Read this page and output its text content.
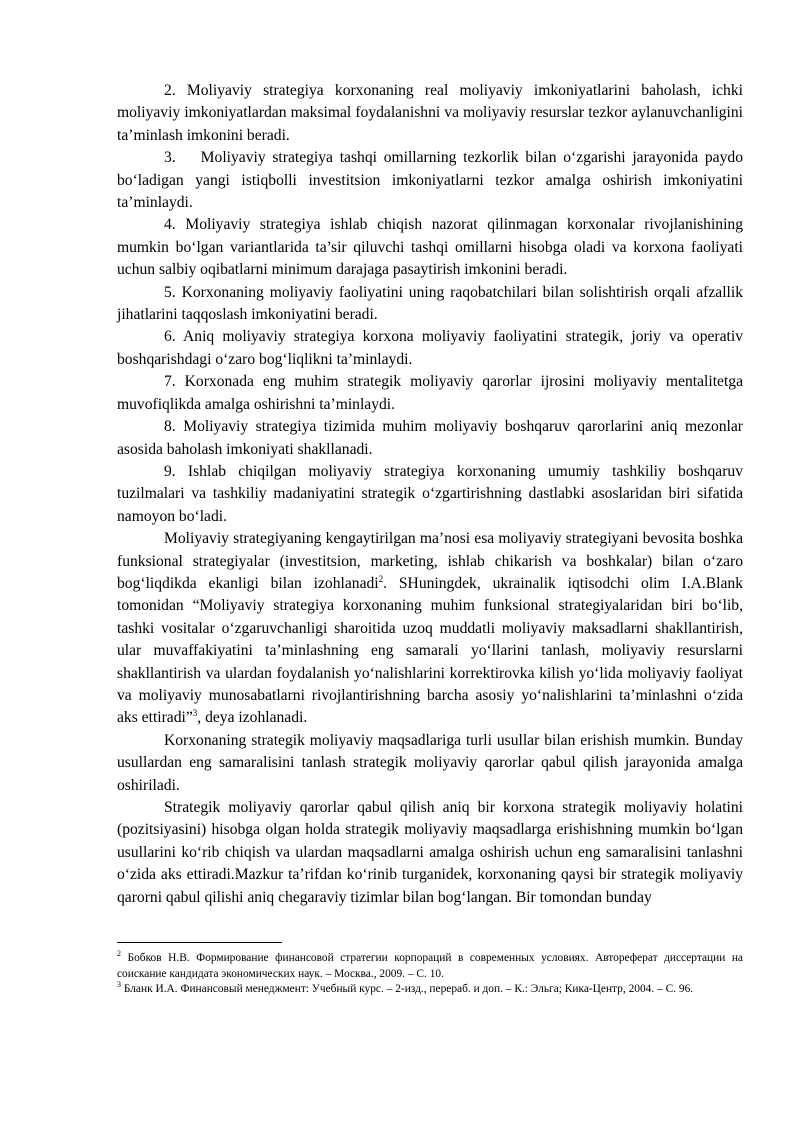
2. Moliyaviy strategiya korxonaning real moliyaviy imkoniyatlarini baholash, ichki moliyaviy imkoniyatlardan maksimal foydalanishni va moliyaviy resurslar tezkor aylanuvchanligini ta’minlash imkonini beradi.

3. Moliyaviy strategiya tashqi omillarning tezkorlik bilan o‘zgarishi jarayonida paydo bo‘ladigan yangi istiqbolli investitsion imkoniyatlarni tezkor amalga oshirish imkoniyatini ta’minlaydi.

4. Moliyaviy strategiya ishlab chiqish nazorat qilinmagan korxonalar rivojlanishining mumkin bo‘lgan variantlarida ta’sir qiluvchi tashqi omillarni hisobga oladi va korxona faoliyati uchun salbiy oqibatlarni minimum darajaga pasaytirish imkonini beradi.

5. Korxonaning moliyaviy faoliyatini uning raqobatchilari bilan solishtirish orqali afzallik jihatlarini taqqoslash imkoniyatini beradi.

6. Aniq moliyaviy strategiya korxona moliyaviy faoliyatini strategik, joriy va operativ boshqarishdagi o‘zaro bog‘liqlikni ta’minlaydi.

7. Korxonada eng muhim strategik moliyaviy qarorlar ijrosini moliyaviy mentalitetga muvofiqlikda amalga oshirishni ta’minlaydi.

8. Moliyaviy strategiya tizimida muhim moliyaviy boshqaruv qarorlarini aniq mezonlar asosida baholash imkoniyati shakllanadi.

9. Ishlab chiqilgan moliyaviy strategiya korxonaning umumiy tashkiliy boshqaruv tuzilmalari va tashkiliy madaniyatini strategik o‘zgartirishning dastlabki asoslaridan biri sifatida namoyon bo‘ladi.

Moliyaviy strategiyaning kengaytirilgan ma’nosi esa moliyaviy strategiyani bevosita boshka funksional strategiyalar (investitsion, marketing, ishlab chikarish va boshkalar) bilan o‘zaro bog‘liqdikda ekanligi bilan izohlanadi$^2$. SHuningdek, ukrainalik iqtisodchi olim I.A.Blank tomonidan “Moliyaviy strategiya korxonaning muhim funksional strategiyalaridan biri bo‘lib, tashki vositalar o‘zgaruvchanligi sharoitida uzoq muddatli moliyaviy maksadlarni shakllantirish, ular muvaffakiyatini ta’minlashning eng samarali yo‘llarini tanlash, moliyaviy resurslarni shakllantirish va ulardan foydalanish yo‘nalishlarini korrektirovka kilish yo‘lida moliyaviy faoliyat va moliyaviy munosabatlarni rivojlantirishning barcha asosiy yo‘nalishlarini ta’minlashni o‘zida aks ettiradi”$^3$, deya izohlanadi.

Korxonaning strategik moliyaviy maqsadlariga turli usullar bilan erishish mumkin. Bunday usullardan eng samaralisini tanlash strategik moliyaviy qarorlar qabul qilish jarayonida amalga oshiriladi.

Strategik moliyaviy qarorlar qabul qilish aniq bir korxona strategik moliyaviy holatini (pozitsiyasini) hisobga olgan holda strategik moliyaviy maqsadlarga erishishning mumkin bo‘lgan usullarini ko‘rib chiqish va ulardan maqsadlarni amalga oshirish uchun eng samaralisini tanlashni o‘zida aks ettiradi.Mazkur ta’rifdan ko‘rinib turganidek, korxonaning qaysi bir strategik moliyaviy qarorni qabul qilishi aniq chegaraviy tizimlar bilan bog‘langan. Bir tomondan bunday

$^2$ Бобков Н.В. Формирование финансовой стратегии корпораций в современных условиях. Автореферат диссертации на соискание кандидата экономических наук. – Москва., 2009. – С. 10.

$^3$ Бланк И.А. Финансовый менеджмент: Учебный курс. – 2-изд., перераб. и доп. – К.: Эльга; Кика-Центр, 2004. – С. 96.
